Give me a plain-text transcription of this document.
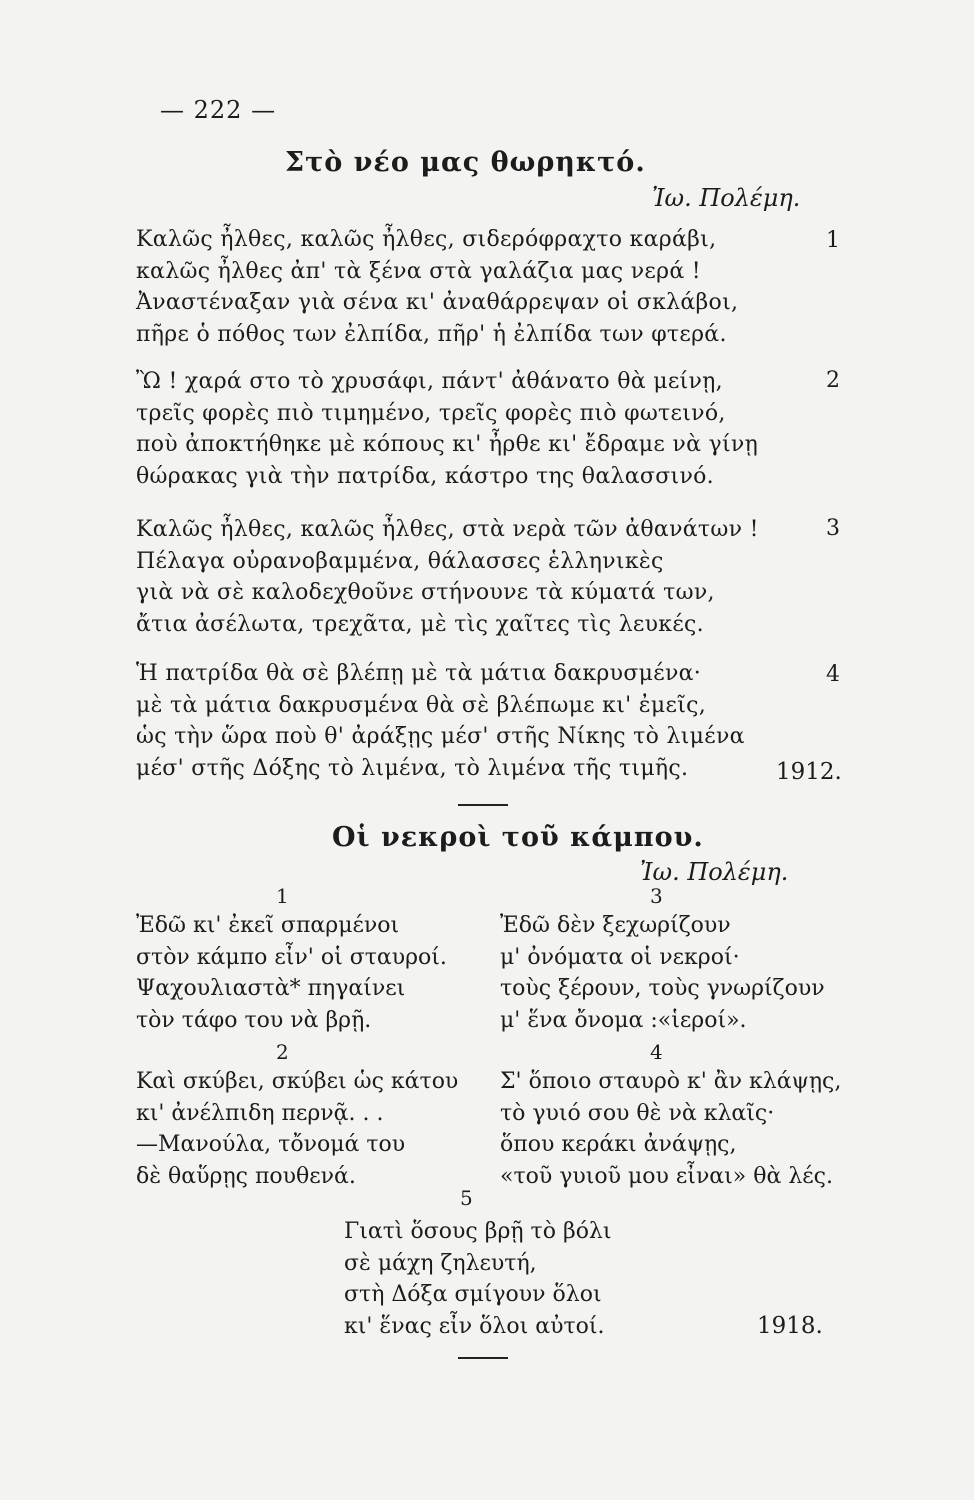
— 222 —
Στὸ νέο μας θωρηκτό.
Ἰω. Πολέμη.
Καλῶς ἦλθες, καλῶς ἦλθες, σιδερόφραχτο καράβι,
καλῶς ἦλθες ἀπ' τὰ ξένα στὰ γαλάζια μας νερά !
Ἀναστέναξαν γιὰ σένα κι' ἀναθάρρεψαν οἱ σκλάβοι,
πῆρε ὁ πόθος των ἐλπίδα, πῆρ' ἡ ἐλπίδα των φτερά.
1
Ὢ ! χαρά στο τὸ χρυσάφι, πάντ' ἀθάνατο θὰ μείνῃ,
τρεῖς φορὲς πιὸ τιμημένο, τρεῖς φορὲς πιὸ φωτεινό,
ποὺ ἀποκτήθηκε μὲ κόπους κι' ἦρθε κι' ἔδραμε νὰ γίνῃ
θώρακας γιὰ τὴν πατρίδα, κάστρο της θαλασσινό.
2
Καλῶς ἦλθες, καλῶς ἦλθες, στὰ νερὰ τῶν ἀθανάτων !
Πέλαγα οὐρανοβαμμένα, θάλασσες ἑλληνικὲς
γιὰ νὰ σὲ καλοδεχθοῦνε στήνουνε τὰ κύματά των,
ἄτια ἀσέλωτα, τρεχᾶτα, μὲ τὶς χαῖτες τὶς λευκές.
3
Ἡ πατρίδα θὰ σὲ βλέπῃ μὲ τὰ μάτια δακρυσμένα·
μὲ τὰ μάτια δακρυσμένα θὰ σὲ βλέπωμε κι' ἐμεῖς,
ὡς τὴν ὥρα ποὺ θ' ἀράξῃς μέσ' στῆς Νίκης τὸ λιμένα
μέσ' στῆς Δόξης τὸ λιμένα, τὸ λιμένα τῆς τιμῆς.
4
1912.
Οἱ νεκροὶ τοῦ κάμπου.
Ἰω. Πολέμη.
1
Ἐδῶ κι' ἐκεῖ σπαρμένοι
στὸν κάμπο εἶν' οἱ σταυροί.
Ψαχουλιαστὰ* πηγαίνει
τὸν τάφο του νὰ βρῇ.
2
Καὶ σκύβει, σκύβει ὡς κάτου
κι' ἀνέλπιδη περνᾷ. . .
—Μανούλα, τὄνομά του
δὲ θαὕρῃς πουθενά.
3
Ἐδῶ δὲν ξεχωρίζουν
μ' ὀνόματα οἱ νεκροί·
τοὺς ξέρουν, τοὺς γνωρίζουν
μ' ἕνα ὄνομα :«ἱεροί».
4
Σ' ὅποιο σταυρὸ κ' ἂν κλάψῃς,
τὸ γυιό σου θὲ νὰ κλαῖς·
ὅπου κεράκι ἀνάψῃς,
«τοῦ γυιοῦ μου εἶναι» θὰ λές.
5
Γιατὶ ὅσους βρῇ τὸ βόλι
σὲ μάχη ζηλευτή,
στὴ Δόξα σμίγουν ὅλοι
κι' ἕνας εἶν ὅλοι αὐτοί.	1918.
